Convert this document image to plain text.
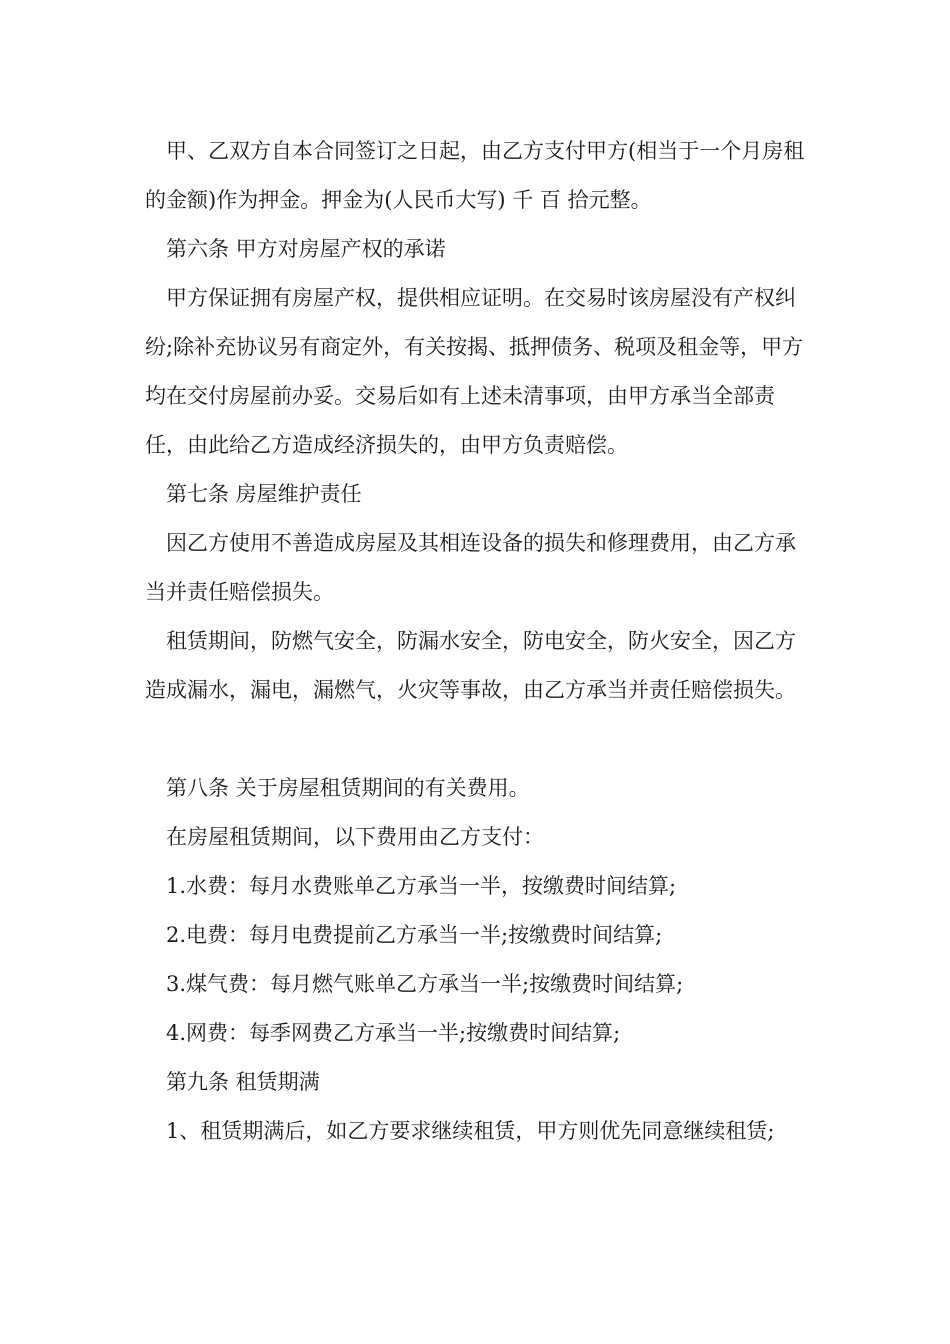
甲、乙双方自本合同签订之日起，由乙方支付甲方(相当于一个月房租的金额)作为押金。押金为(人民币大写) 千 百 拾元整。

第六条 甲方对房屋产权的承诺

甲方保证拥有房屋产权，提供相应证明。在交易时该房屋没有产权纠纷;除补充协议另有商定外，有关按揭、抵押债务、税项及租金等，甲方均在交付房屋前办妥。交易后如有上述未清事项，由甲方承当全部责任，由此给乙方造成经济损失的，由甲方负责赔偿。

第七条 房屋维护责任

因乙方使用不善造成房屋及其相连设备的损失和修理费用，由乙方承当并责任赔偿损失。

租赁期间，防燃气安全，防漏水安全，防电安全，防火安全，因乙方造成漏水，漏电，漏燃气，火灾等事故，由乙方承当并责任赔偿损失。

第八条 关于房屋租赁期间的有关费用。

在房屋租赁期间，以下费用由乙方支付：

1.水费：每月水费账单乙方承当一半，按缴费时间结算;

2.电费：每月电费提前乙方承当一半;按缴费时间结算;

3.煤气费：每月燃气账单乙方承当一半;按缴费时间结算;

4.网费：每季网费乙方承当一半;按缴费时间结算;

第九条 租赁期满

1、租赁期满后，如乙方要求继续租赁，甲方则优先同意继续租赁;
